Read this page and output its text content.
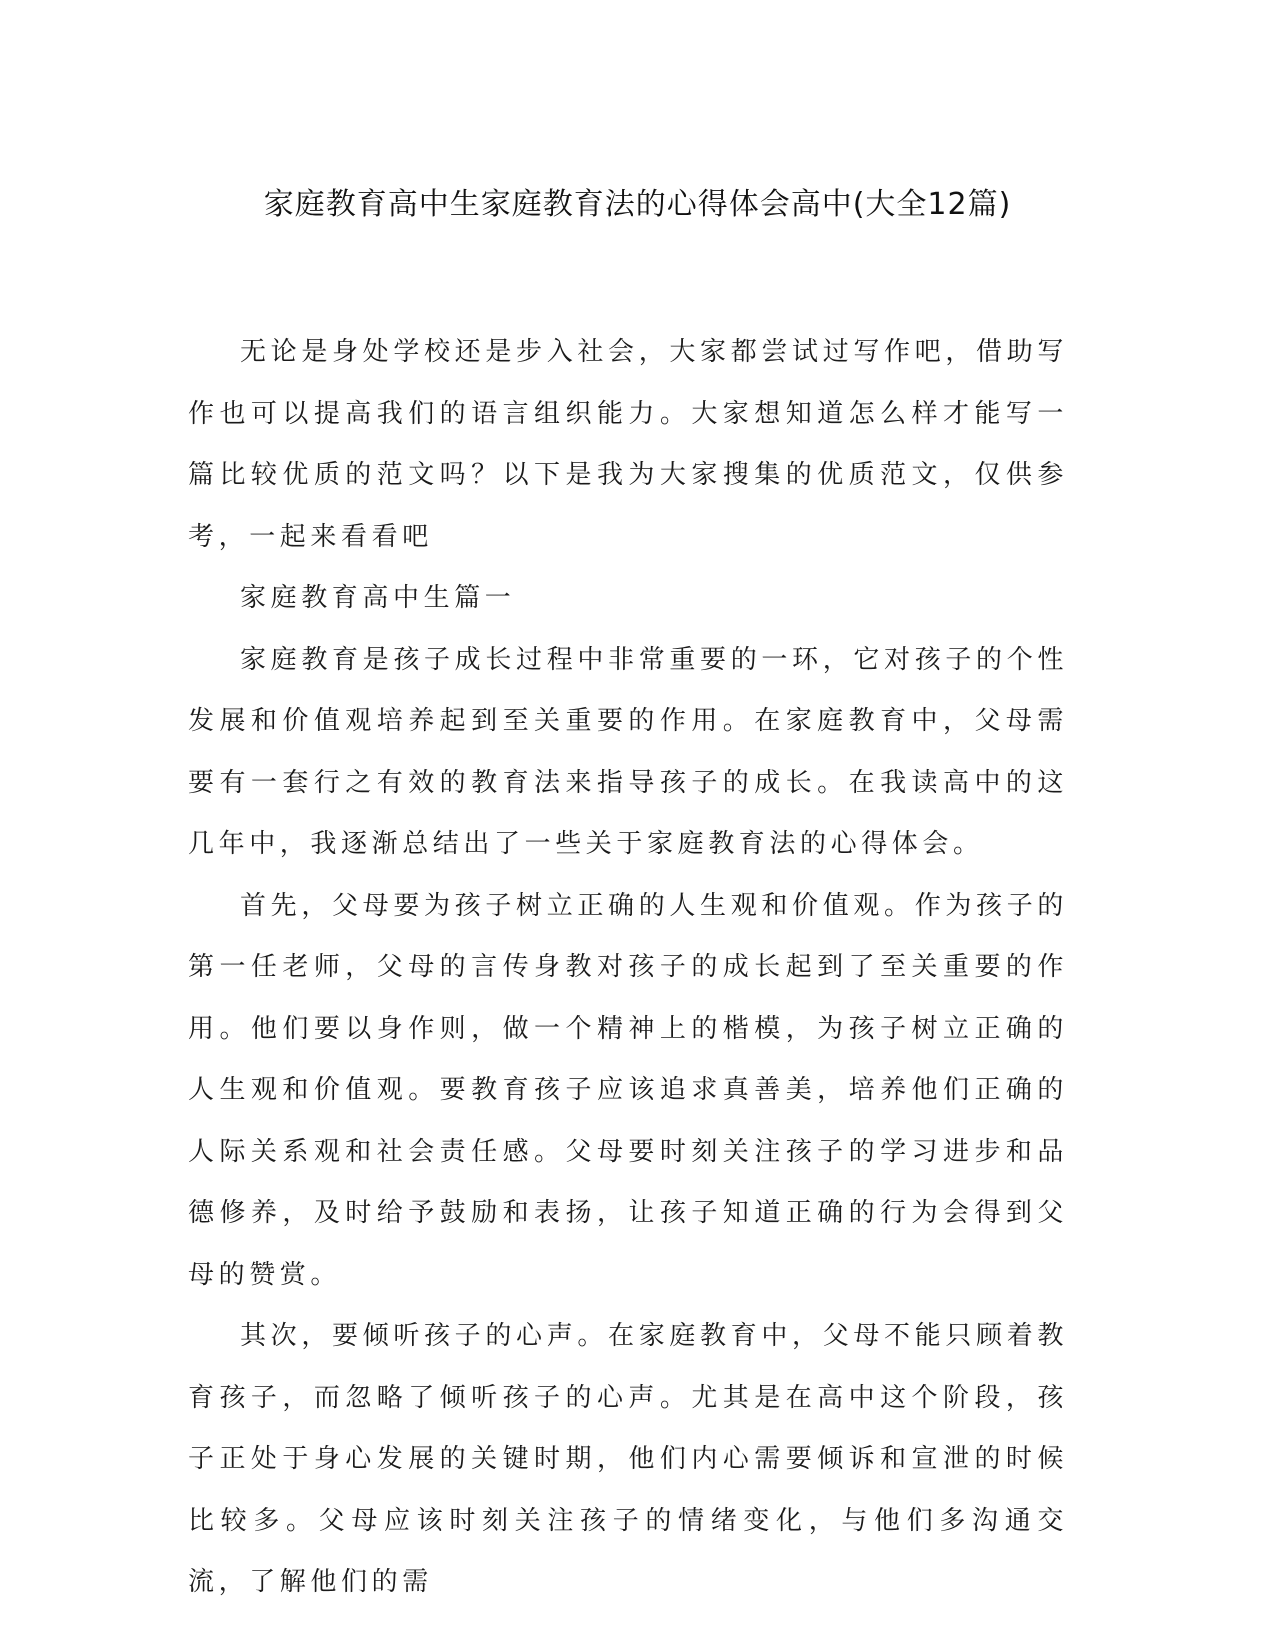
家庭教育高中生家庭教育法的心得体会高中(大全12篇)

无论是身处学校还是步入社会，大家都尝试过写作吧，借助写作也可以提高我们的语言组织能力。大家想知道怎么样才能写一篇比较优质的范文吗？以下是我为大家搜集的优质范文，仅供参考，一起来看看吧

家庭教育高中生篇一

家庭教育是孩子成长过程中非常重要的一环，它对孩子的个性发展和价值观培养起到至关重要的作用。在家庭教育中，父母需要有一套行之有效的教育法来指导孩子的成长。在我读高中的这几年中，我逐渐总结出了一些关于家庭教育法的心得体会。

首先，父母要为孩子树立正确的人生观和价值观。作为孩子的第一任老师，父母的言传身教对孩子的成长起到了至关重要的作用。他们要以身作则，做一个精神上的楷模，为孩子树立正确的人生观和价值观。要教育孩子应该追求真善美，培养他们正确的人际关系观和社会责任感。父母要时刻关注孩子的学习进步和品德修养，及时给予鼓励和表扬，让孩子知道正确的行为会得到父母的赞赏。

其次，要倾听孩子的心声。在家庭教育中，父母不能只顾着教育孩子，而忽略了倾听孩子的心声。尤其是在高中这个阶段，孩子正处于身心发展的关键时期，他们内心需要倾诉和宣泄的时候比较多。父母应该时刻关注孩子的情绪变化，与他们多沟通交流，了解他们的需
